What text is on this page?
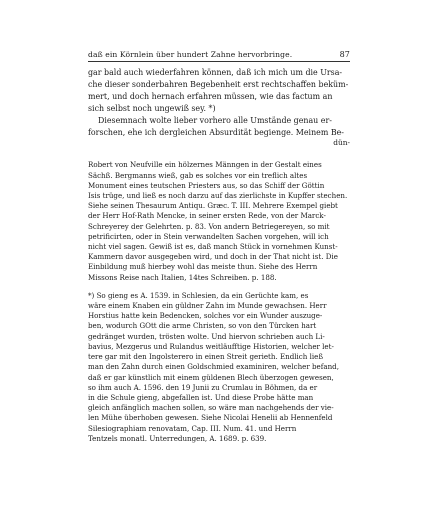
daß ein Körnlein über hundert Zahne hervorbringe.	87
gar bald auch wiederfahren können, daß ich mich um die Ursa-
che dieser sonderbahren Begebenheit erst rechtschaffen beküm-
mert, und doch hernach erfahren müssen, wie das factum an
sich selbst noch ungewiß sey. *)
Diesemnach wolte lieber vorhero alle Umstände genau er-
forschen, ehe ich dergleichen Absurdität begienge. Meinem Be-
dün-
Robert von Neufville ein hölzernes Männgen in der Gestalt eines
Sächß. Bergmanns wieß, gab es solches vor ein treflich altes
Monument eines teutschen Priesters aus, so das Schiff der Göttin
Isis trüge, und ließ es noch darzu auf das zierlichste in Kupffer stechen.
Siehe seinen Thesaurum Antiqu. Græc. T. III. Mehrere Exempel giebt
der Herr Hof-Rath Mencke, in seiner ersten Rede, von der Marck-
Schreyerey der Gelehrten. p. 83. Von andern Betriegereyen, so mit
petrificirten, oder in Stein verwandelten Sachen vorgehen, will ich
nicht viel sagen. Gewiß ist es, daß manch Stück in vornehmen Kunst-
Kammern davor ausgegeben wird, und doch in der That nicht ist. Die
Einbildung muß hierbey wohl das meiste thun. Siehe des Herrn
Missons Reise nach Italien, 14tes Schreiben. p. 188.
*) So gieng es A. 1539. in Schlesien, da ein Gerüchte kam, es
wäre einem Knaben ein güldner Zahn im Munde gewachsen. Herr
Horstius hatte kein Bedencken, solches vor ein Wunder auszuge-
ben, wodurch GOtt die arme Christen, so von den Türcken hart
gedränget wurden, trösten wolte. Und hiervon schrieben auch Li-
bavius, Mezgerus und Rulandus weitläufftige Historien, welcher let-
tere gar mit den Ingolsterero in einen Streit gerieth. Endlich ließ
man den Zahn durch einen Goldschmied examiniren, welcher befand,
daß er gar künstlich mit einem güldenen Blech überzogen gewesen,
so ihm auch A. 1596. den 19 Junii zu Crumlau in Böhmen, da er
in die Schule gieng, abgefallen ist. Und diese Probe hätte man
gleich anfänglich machen sollen, so wäre man nachgehends der vie-
len Mühe überhoben gewesen. Siehe Nicolai Henelii ab Hennenfeld
Silesiographiam renovatam, Cap. III. Num. 41. und Herrn
Tentzels monatl. Unterredungen, A. 1689. p. 639.
